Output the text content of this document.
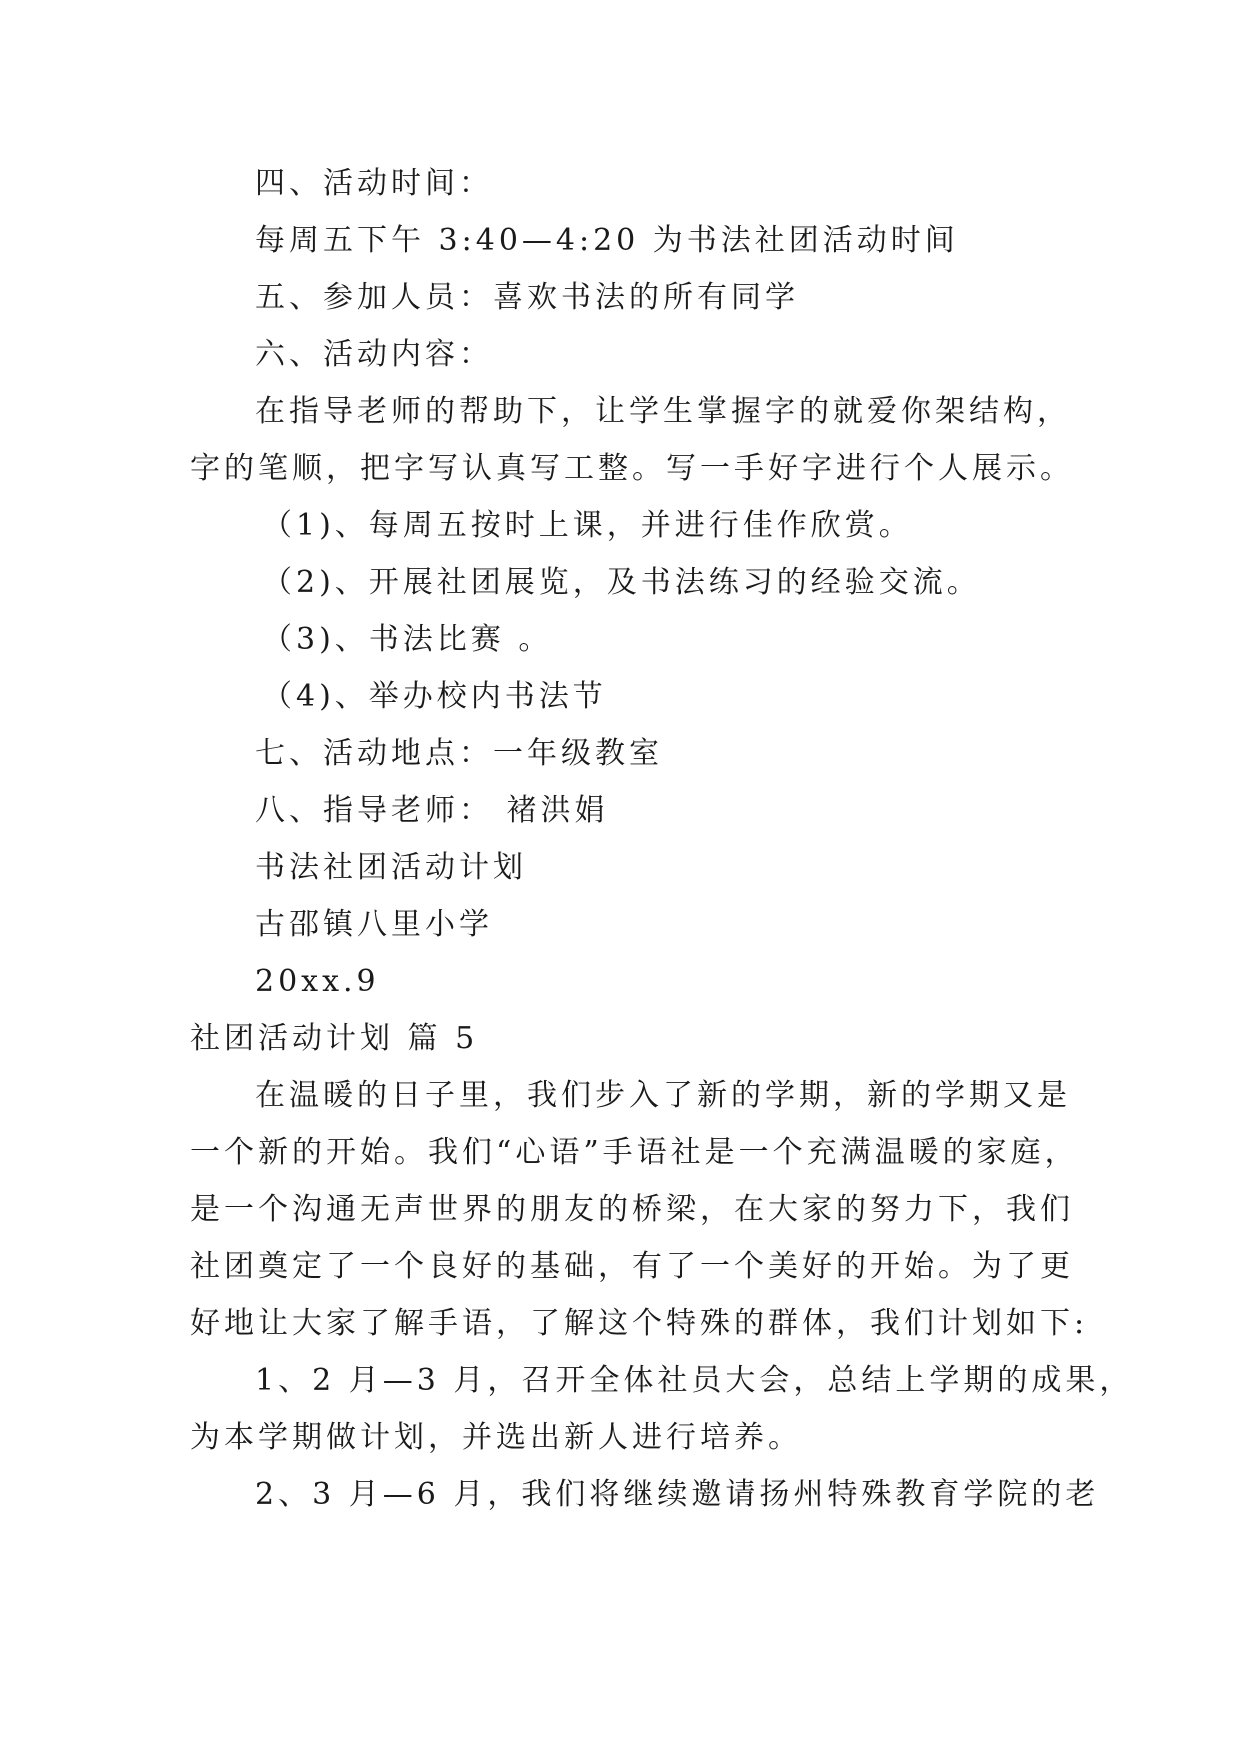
四、活动时间：
每周五下午 3:40—4:20 为书法社团活动时间
五、参加人员：喜欢书法的所有同学
六、活动内容：
在指导老师的帮助下，让学生掌握字的就爱你架结构，
字的笔顺，把字写认真写工整。写一手好字进行个人展示。
（1)、每周五按时上课，并进行佳作欣赏。
（2)、开展社团展览，及书法练习的经验交流。
（3)、书法比赛 。
（4)、举办校内书法节
七、活动地点：一年级教室
八、指导老师： 褚洪娟
书法社团活动计划
古邵镇八里小学
20xx.9
社团活动计划 篇 5
在温暖的日子里，我们步入了新的学期，新的学期又是
一个新的开始。我们“心语”手语社是一个充满温暖的家庭，
是一个沟通无声世界的朋友的桥梁，在大家的努力下，我们
社团奠定了一个良好的基础，有了一个美好的开始。为了更
好地让大家了解手语，了解这个特殊的群体，我们计划如下:
1、2 月—3 月，召开全体社员大会，总结上学期的成果，
为本学期做计划，并选出新人进行培养。
2、3 月—6 月，我们将继续邀请扬州特殊教育学院的老
